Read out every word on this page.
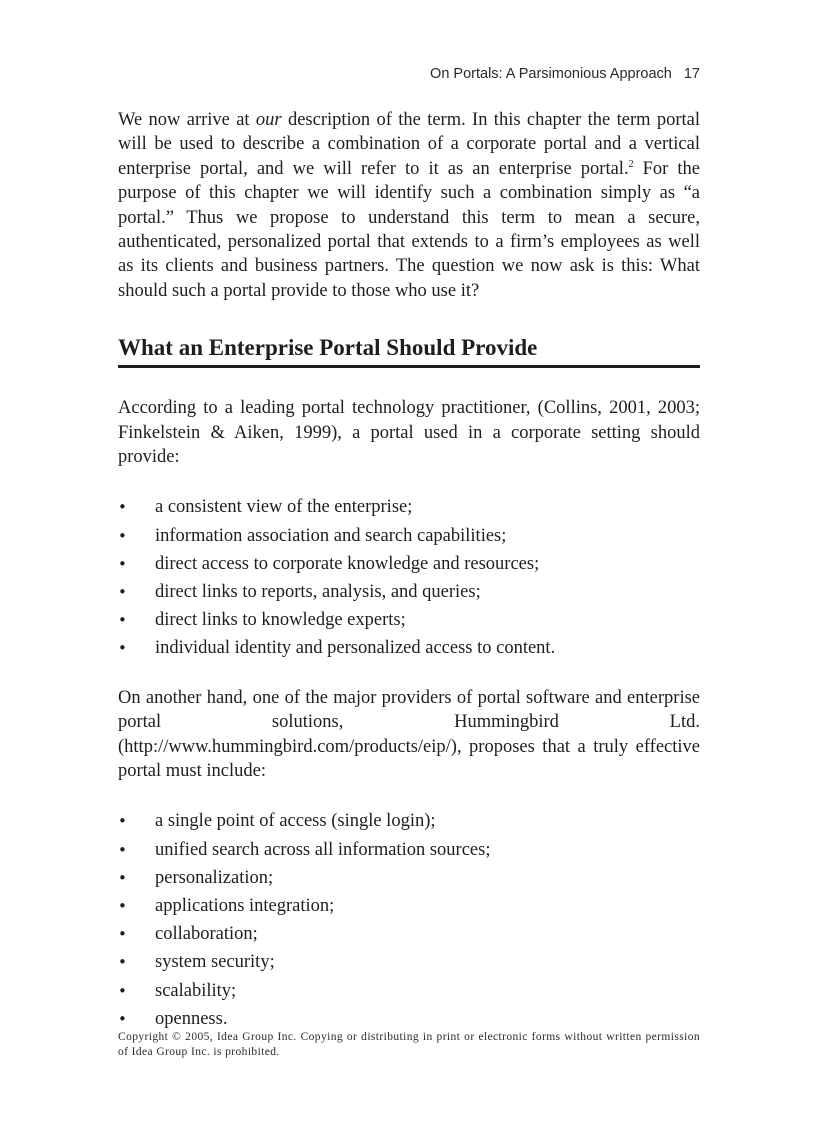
On Portals: A Parsimonious Approach 17

We now arrive at our description of the term. In this chapter the term portal will be used to describe a combination of a corporate portal and a vertical enterprise portal, and we will refer to it as an enterprise portal.$^2$ For the purpose of this chapter we will identify such a combination simply as “a portal.” Thus we propose to understand this term to mean a secure, authenticated, personalized portal that extends to a firm’s employees as well as its clients and business partners. The question we now ask is this: What should such a portal provide to those who use it?

What an Enterprise Portal Should Provide

According to a leading portal technology practitioner, (Collins, 2001, 2003; Finkelstein & Aiken, 1999), a portal used in a corporate setting should provide:

• a consistent view of the enterprise;
• information association and search capabilities;
• direct access to corporate knowledge and resources;
• direct links to reports, analysis, and queries;
• direct links to knowledge experts;
• individual identity and personalized access to content.

On another hand, one of the major providers of portal software and enterprise portal solutions, Hummingbird Ltd. (http://www.hummingbird.com/products/eip/), proposes that a truly effective portal must include:

• a single point of access (single login);
• unified search across all information sources;
• personalization;
• applications integration;
• collaboration;
• system security;
• scalability;
• openness.
Copyright © 2005, Idea Group Inc. Copying or distributing in print or electronic forms without written permission of Idea Group Inc. is prohibited.
